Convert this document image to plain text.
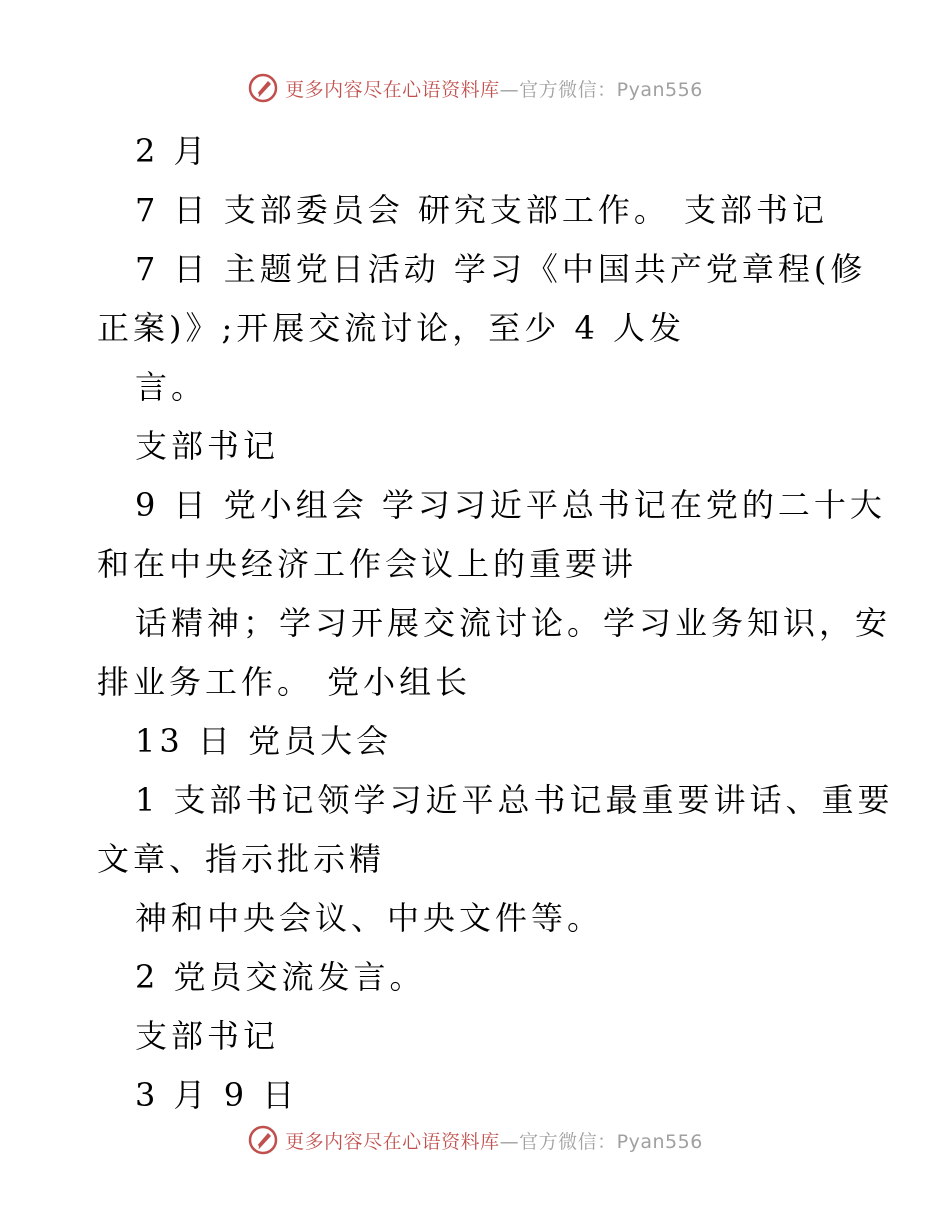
更多内容尽在心语资料库—官方微信：Pyan556
2 月
7 日 支部委员会 研究支部工作。 支部书记
7 日 主题党日活动 学习《中国共产党章程(修
正案)》;开展交流讨论，至少 4 人发
言。
支部书记
9 日 党小组会 学习习近平总书记在党的二十大
和在中央经济工作会议上的重要讲
话精神；学习开展交流讨论。学习业务知识，安
排业务工作。 党小组长
13 日 党员大会
1 支部书记领学习近平总书记最重要讲话、重要
文章、指示批示精
神和中央会议、中央文件等。
2 党员交流发言。
支部书记
3 月 9 日
更多内容尽在心语资料库—官方微信：Pyan556
